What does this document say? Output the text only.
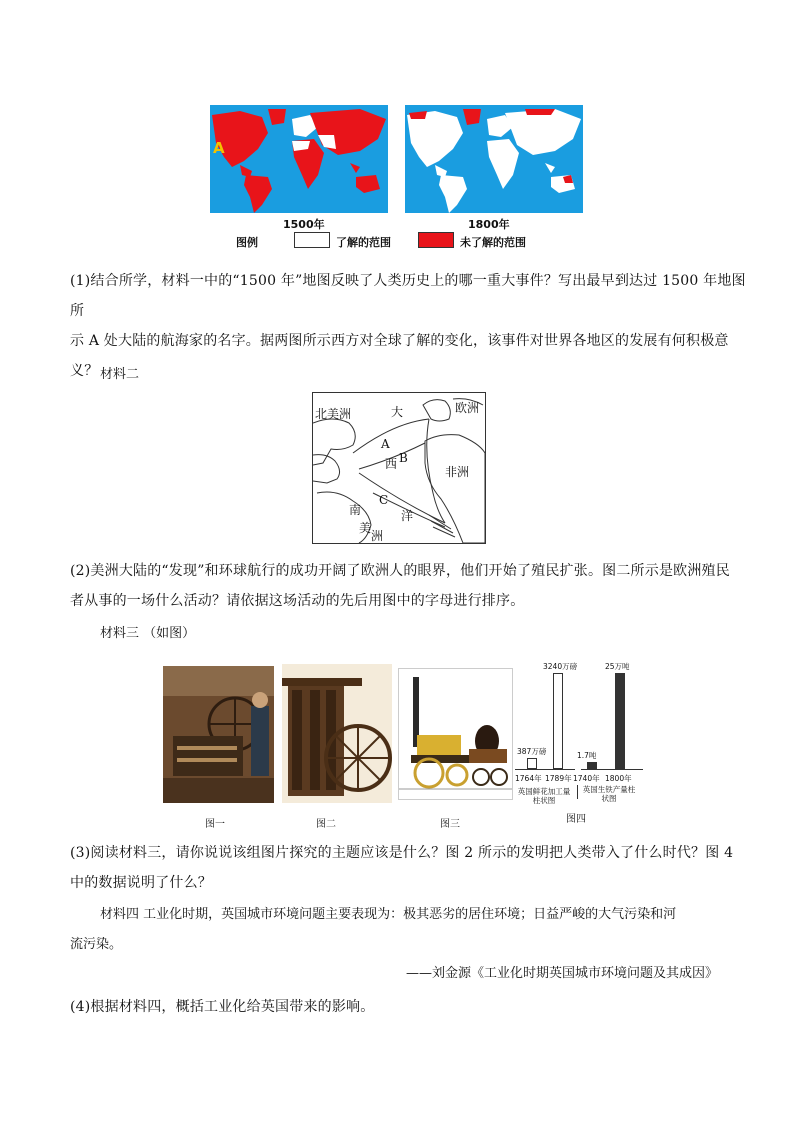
A
1500年	1800年
图例	了解的范围	未了解的范围
(1)结合所学，材料一中的“1500 年”地图反映了人类历史上的哪一重大事件？写出最早到达过 1500 年地图所
示 A 处大陆的航海家的名字。据两图所示西方对全球了解的变化，该事件对世界各地区的发展有何积极意
义？ 材料二
北美洲	大	欧洲
A
B
西
非洲
C
南
美
洲
洋
(2)美洲大陆的“发现”和环球航行的成功开阔了欧洲人的眼界，他们开始了殖民扩张。图二所示是欧洲殖民
者从事的一场什么活动？请依据这场活动的先后用图中的字母进行排序。
材料三 （如图）
图一	图二	图三
1764年 1789年 1740年 1800年
英国鲜花加工量柱状图
英国生铁产量柱状图
387万磅
3240万磅
1.7吨
25万吨
图四
(3)阅读材料三，请你说说该组图片探究的主题应该是什么？图 2 所示的发明把人类带入了什么时代？图 4
中的数据说明了什么？
材料四 工业化时期，英国城市环境问题主要表现为：极其恶劣的居住环境；日益严峻的大气污染和河
流污染。
——刘金源《工业化时期英国城市环境问题及其成因》
(4)根据材料四，概括工业化给英国带来的影响。
